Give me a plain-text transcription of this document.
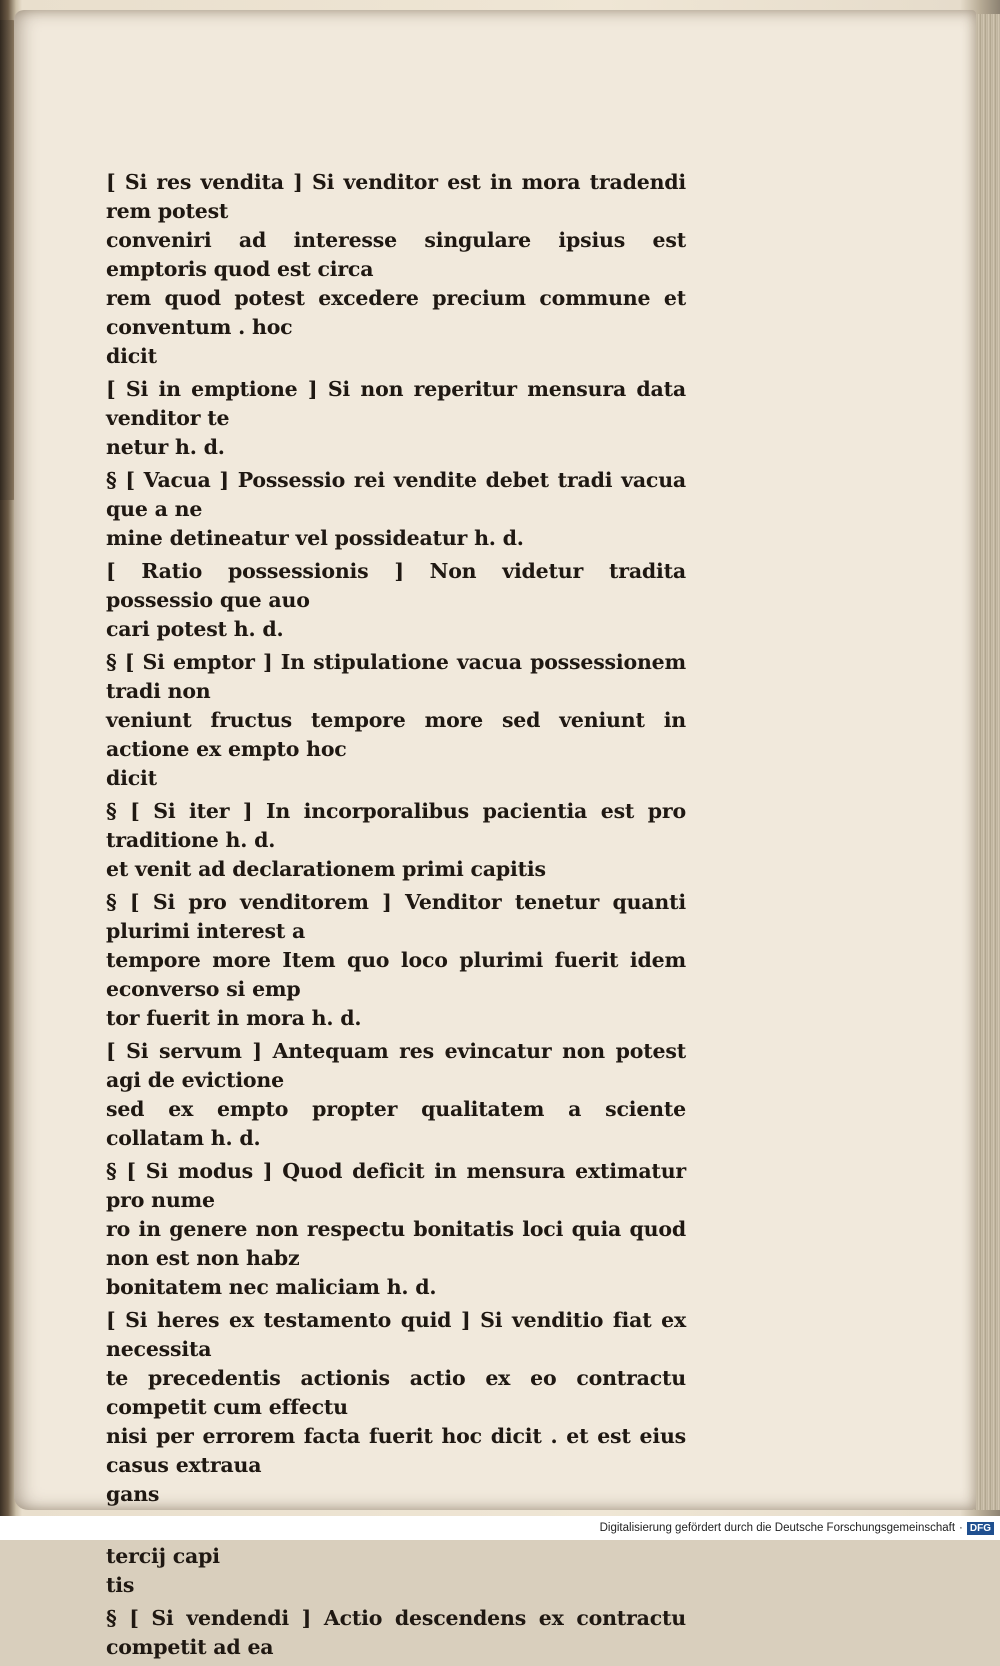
[ Si res vendita ] Si venditor est in mora tradendi rem potest

conveniri ad interesse singulare ipsius est emptoris quod est circa

rem quod potest excedere precium commune et conventum . hoc

dicit

[ Si in emptione ] Si non reperitur mensura data venditor te

netur h. d.

§ [ Vacua ] Possessio rei vendite debet tradi vacua que a ne

mine detineatur vel possideatur h. d.

[ Ratio possessionis ] Non videtur tradita possessio que auo

cari potest h. d.

§ [ Si emptor ] In stipulatione vacua possessionem tradi non

veniunt fructus tempore more sed veniunt in actione ex empto hoc

dicit

§ [ Si iter ] In incorporalibus pacientia est pro traditione h. d.

et venit ad declarationem primi capitis

§ [ Si pro venditorem ] Venditor tenetur quanti plurimi interest a

tempore more Item quo loco plurimi fuerit idem econverso si emp

tor fuerit in mora h. d.

[ Si servum ] Antequam res evincatur non potest agi de evictione

sed ex empto propter qualitatem a sciente collatam h. d.

§ [ Si modus ] Quod deficit in mensura extimatur pro nume

ro in genere non respectu bonitatis loci quia quod non est non habz

bonitatem nec maliciam h. d.

[ Si heres ex testamento quid ] Si venditio fiat ex necessita

te precedentis actionis actio ex eo contractu competit cum effectu

nisi per errorem facta fuerit hoc dicit . et est eius casus extraua

gans

tercij capi

tis

§ [ Si vendendi ] Actio descendens ex contractu competit ad ea

Digitalisierung gefördert durch die Deutsche Forschungsgemeinschaft · DFG
